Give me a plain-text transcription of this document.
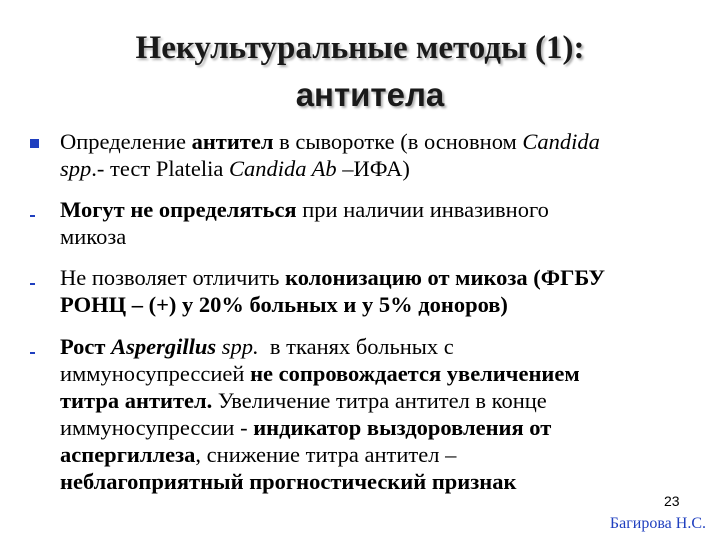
Некультуральные методы (1):
антитела
Определение антител в сыворотке (в основном Candida
spp.- тест Platelia Candida Ab –ИФА)
Могут не определяться при наличии инвазивного
микоза
Не позволяет отличить колонизацию от микоза (ФГБУ
РОНЦ – (+) у 20% больных и у 5% доноров)
Рост Aspergillus spp.  в тканях больных с
иммуносупрессией не сопровождается увеличением
титра антител. Увеличение титра антител в конце
иммуносупрессии - индикатор выздоровления от
аспергиллеза, снижение титра антител –
неблагоприятный прогностический признак
23
Багирова Н.С.
